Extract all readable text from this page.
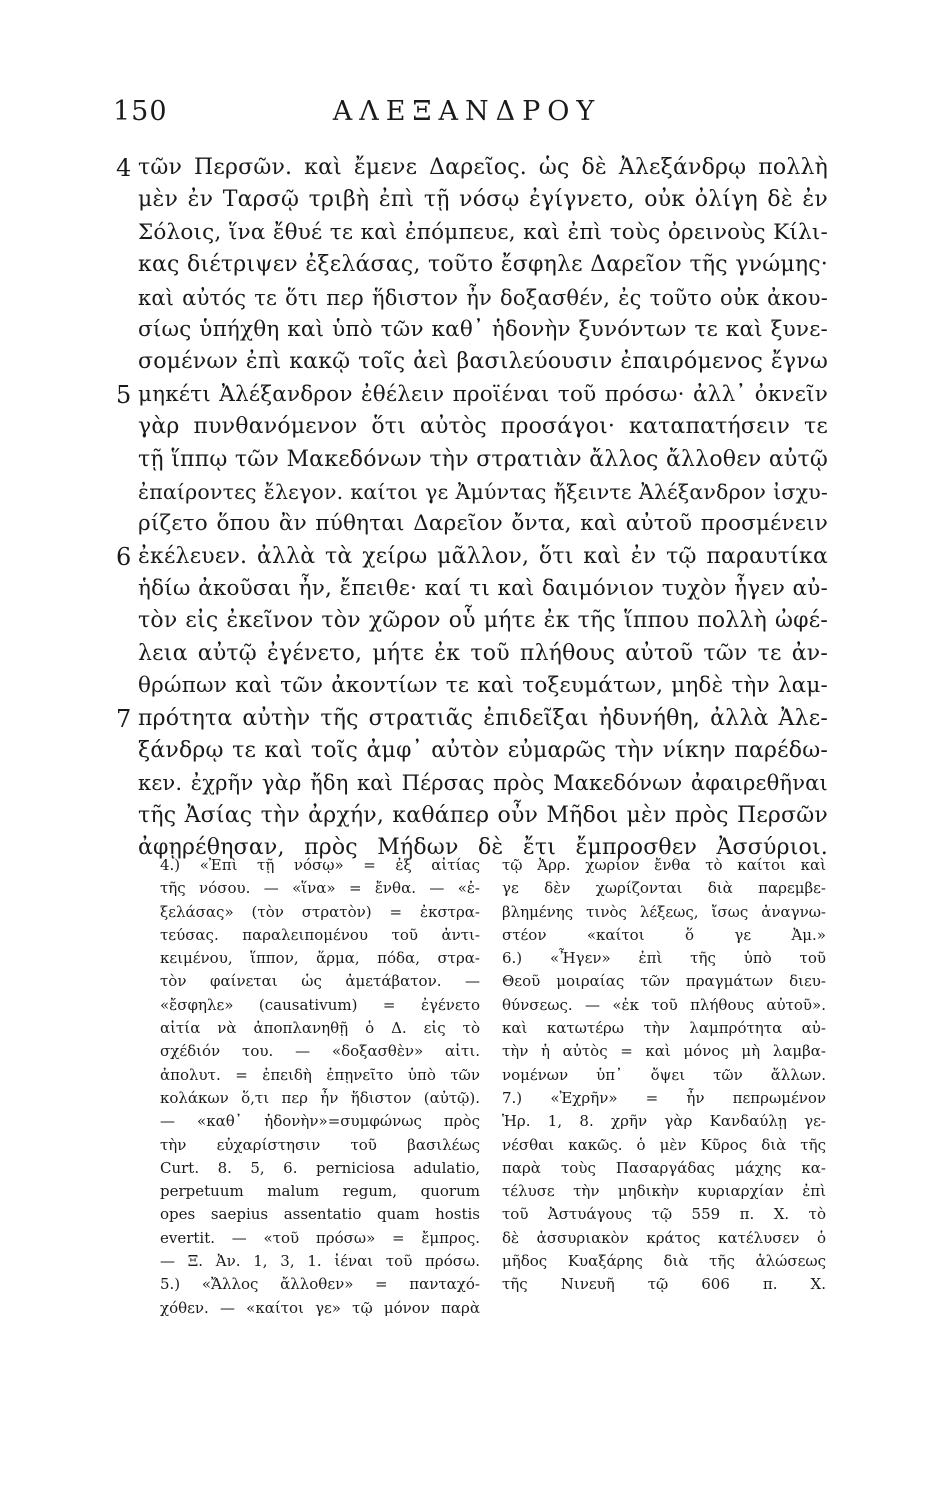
150	ΑΛΕΞΑΝΔΡΟΥ
4 τῶν Περσῶν. καὶ ἔμενε Δαρεῖος. ὡς δὲ Ἀλεξάνδρῳ πολλὴ
μὲν ἐν Ταρσῷ τριβὴ ἐπὶ τῇ νόσῳ ἐγίγνετο, οὐκ ὀλίγη δὲ ἐν
Σόλοις, ἵνα ἔθυέ τε καὶ ἐπόμπευε, καὶ ἐπὶ τοὺς ὀρεινοὺς Κίλι-
κας διέτριψεν ἐξελάσας, τοῦτο ἔσφηλε Δαρεῖον τῆς γνώμης·
καὶ αὐτός τε ὅτι περ ἥδιστον ἦν δοξασθέν, ἐς τοῦτο οὐκ ἀκου-
σίως ὑπήχθη καὶ ὑπὸ τῶν καθ᾽ ἡδονὴν ξυνόντων τε καὶ ξυνε-
σομένων ἐπὶ κακῷ τοῖς ἀεὶ βασιλεύουσιν ἐπαιρόμενος ἔγνω
5 μηκέτι Ἀλέξανδρον ἐθέλειν προϊέναι τοῦ πρόσω· ἀλλ᾽ ὀκνεῖν
γὰρ πυνθανόμενον ὅτι αὐτὸς προσάγοι· καταπατήσειν τε
τῇ ἵππῳ τῶν Μακεδόνων τὴν στρατιὰν ἄλλος ἄλλοθεν αὐτῷ
ἐπαίροντες ἔλεγον. καίτοι γε Ἀμύντας ἤξειντε Ἀλέξανδρον ἰσχυ-
ρίζετο ὅπου ἂν πύθηται Δαρεῖον ὄντα, καὶ αὐτοῦ προσμένειν
6 ἐκέλευεν. ἀλλὰ τὰ χείρω μᾶλλον, ὅτι καὶ ἐν τῷ παραυτίκα
ἡδίω ἀκοῦσαι ἦν, ἔπειθε· καί τι καὶ δαιμόνιον τυχὸν ἦγεν αὐ-
τὸν εἰς ἐκεῖνον τὸν χῶρον οὗ μήτε ἐκ τῆς ἵππου πολλὴ ὠφέ-
λεια αὐτῷ ἐγένετο, μήτε ἐκ τοῦ πλήθους αὐτοῦ τῶν τε ἀν-
θρώπων καὶ τῶν ἀκοντίων τε καὶ τοξευμάτων, μηδὲ τὴν λαμ-
7 πρότητα αὐτὴν τῆς στρατιᾶς ἐπιδεῖξαι ἠδυνήθη, ἀλλὰ Ἀλε-
ξάνδρῳ τε καὶ τοῖς ἀμφ᾽ αὐτὸν εὐμαρῶς τὴν νίκην παρέδω-
κεν. ἐχρῆν γὰρ ἤδη καὶ Πέρσας πρὸς Μακεδόνων ἀφαιρεθῆναι
τῆς Ἀσίας τὴν ἀρχήν, καθάπερ οὖν Μῆδοι μὲν πρὸς Περσῶν
ἀφῃρέθησαν, πρὸς Μήδων δὲ ἔτι ἔμπροσθεν Ἀσσύριοι.
4.) «Ἐπὶ τῇ νόσῳ» = ἐξ αἰτίας
τῆς νόσου. — «ἵνα» = ἔνθα. — «ἐ-
ξελάσας» (τὸν στρατὸν) = ἐκστρα-
τεύσας. παραλειπομένου τοῦ ἀντι-
κειμένου, ἵππον, ἅρμα, πόδα, στρα-
τὸν φαίνεται ὡς ἀμετάβατον. —
«ἔσφηλε» (causativum) = ἐγένετο
αἰτία νὰ ἀποπλανηθῇ ὁ Δ. εἰς τὸ
σχέδιόν του. — «δοξασθὲν» αἰτι.
ἀπολυτ. = ἐπειδὴ ἐπῃνεῖτο ὑπὸ τῶν
κολάκων ὅ,τι περ ἦν ἥδιστον (αὐτῷ).
— «καθ᾽ ἡδονὴν»=συμφώνως πρὸς
τὴν εὐχαρίστησιν τοῦ βασιλέως
Curt. 8. 5, 6. perniciosa adulatio,
perpetuum malum regum, quorum
opes saepius assentatio quam hostis
evertit. — «τοῦ πρόσω» = ἔμπρος.
— Ξ. Ἀν. 1, 3, 1. ἰέναι τοῦ πρόσω.
5.) «Ἄλλος ἄλλοθεν» = πανταχό-
χόθεν. — «καίτοι γε» τῷ μόνον παρὰ
τῷ Ἀρρ. χωρίον ἔνθα τὸ καίτοι καὶ
γε δὲν χωρίζονται διὰ παρεμβε-
βλημένης τινὸς λέξεως, ἴσως ἀναγνω-
στέον «καίτοι ὅ γε Ἀμ.»
6.) «Ἦγεν» ἐπὶ τῆς ὑπὸ τοῦ
Θεοῦ μοιραίας τῶν πραγμάτων διευ-
θύνσεως. — «ἐκ τοῦ πλήθους αὐτοῦ».
καὶ κατωτέρω τὴν λαμπρότητα αὐ-
τὴν ἡ αὐτὸς = καὶ μόνος μὴ λαμβα-
νομένων ὑπ᾽ ὄψει τῶν ἄλλων.
7.) «Ἐχρῆν» = ἦν πεπρωμένον
Ἡρ. 1, 8. χρῆν γὰρ Κανδαύλῃ γε-
νέσθαι κακῶς. ὁ μὲν Κῦρος διὰ τῆς
παρὰ τοὺς Πασαργάδας μάχης κα-
τέλυσε τὴν μηδικὴν κυριαρχίαν ἐπὶ
τοῦ Ἀστυάγους τῷ 559 π. Χ. τὸ
δὲ ἀσσυριακὸν κράτος κατέλυσεν ὁ
μῆδος Κυαξάρης διὰ τῆς ἁλώσεως
τῆς Νινευῆ τῷ 606 π. Χ.
